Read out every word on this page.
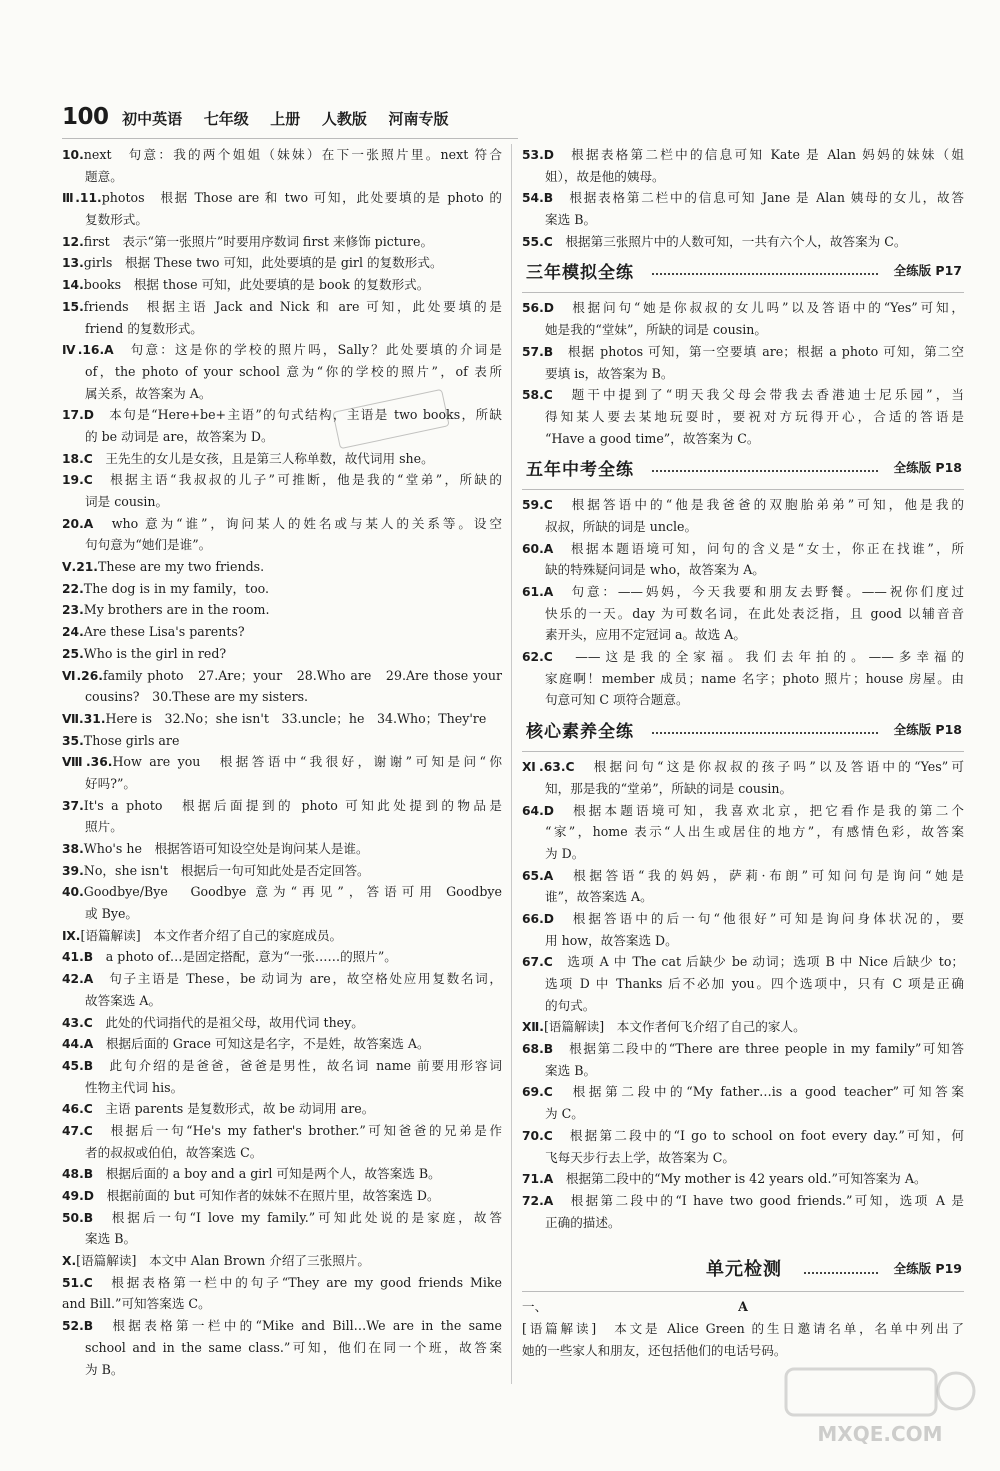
100 初中英语 七年级 上册 人教版 河南专版
10.next　句意：我的两个姐姐（妹妹）在下一张照片里。next 符合
题意。
Ⅲ.11.photos　根据 Those are 和 two 可知，此处要填的是 photo 的
复数形式。
12.first　表示“第一张照片”时要用序数词 first 来修饰 picture。
13.girls　根据 These two 可知，此处要填的是 girl 的复数形式。
14.books　根据 those 可知，此处要填的是 book 的复数形式。
15.friends　根据主语 Jack and Nick 和 are 可知，此处要填的是
friend 的复数形式。
Ⅳ.16.A　句意：这是你的学校的照片吗，Sally？此处要填的介词是
of，the photo of your school 意为“你的学校的照片”，of 表所
属关系，故答案为 A。
17.D　本句是“Here+be+主语”的句式结构，主语是 two books，所缺
的 be 动词是 are，故答案为 D。
18.C　王先生的女儿是女孩，且是第三人称单数，故代词用 she。
19.C　根据主语“我叔叔的儿子”可推断，他是我的“堂弟”，所缺的
词是 cousin。
20.A　who 意为“谁”，询问某人的姓名或与某人的关系等。设空
句句意为“她们是谁”。
Ⅴ.21.These are my two friends.
22.The dog is in my family，too.
23.My brothers are in the room.
24.Are these Lisa's parents?
25.Who is the girl in red?
Ⅵ.26.family photo　27.Are；your　28.Who are　29.Are those your
cousins?　30.These are my sisters.
Ⅶ.31.Here is　32.No；she isn't　33.uncle；he　34.Who；They're
35.Those girls are
Ⅷ.36.How are you　根据答语中“我很好，谢谢”可知是问“你
好吗?”。
37.It's a photo　根据后面提到的 photo 可知此处提到的物品是
照片。
38.Who's he　根据答语可知设空处是询问某人是谁。
39.No，she isn't　根据后一句可知此处是否定回答。
40.Goodbye/Bye　Goodbye 意为“再见”，答语可用 Goodbye
或 Bye。
Ⅸ.[语篇解读]　本文作者介绍了自己的家庭成员。
41.B　a photo of…是固定搭配，意为“一张……的照片”。
42.A　句子主语是 These，be 动词为 are，故空格处应用复数名词，
故答案选 A。
43.C　此处的代词指代的是祖父母，故用代词 they。
44.A　根据后面的 Grace 可知这是名字，不是姓，故答案选 A。
45.B　此句介绍的是爸爸，爸爸是男性，故名词 name 前要用形容词
性物主代词 his。
46.C　主语 parents 是复数形式，故 be 动词用 are。
47.C　根据后一句“He's my father's brother.”可知爸爸的兄弟是作
者的叔叔或伯伯，故答案选 C。
48.B　根据后面的 a boy and a girl 可知是两个人，故答案选 B。
49.D　根据前面的 but 可知作者的妹妹不在照片里，故答案选 D。
50.B　根据后一句“I love my family.”可知此处说的是家庭，故答
案选 B。
Ⅹ.[语篇解读]　本文中 Alan Brown 介绍了三张照片。
51.C　根据表格第一栏中的句子“They are my good friends Mike
and Bill.”可知答案选 C。
52.B　根据表格第一栏中的“Mike and Bill…We are in the same
school and in the same class.”可知，他们在同一个班，故答案
为 B。
53.D　根据表格第二栏中的信息可知 Kate 是 Alan 妈妈的妹妹（姐
姐），故是他的姨母。
54.B　根据表格第二栏中的信息可知 Jane 是 Alan 姨母的女儿，故答
案选 B。
55.C　根据第三张照片中的人数可知，一共有六个人，故答案为 C。
三年模拟全练	全练版 P17
56.D　根据问句“她是你叔叔的女儿吗”以及答语中的“Yes”可知，
她是我的“堂妹”，所缺的词是 cousin。
57.B　根据 photos 可知，第一空要填 are；根据 a photo 可知，第二空
要填 is，故答案为 B。
58.C　题干中提到了“明天我父母会带我去香港迪士尼乐园”，当
得知某人要去某地玩耍时，要祝对方玩得开心，合适的答语是
“Have a good time”，故答案为 C。
五年中考全练	全练版 P18
59.C　根据答语中的“他是我爸爸的双胞胎弟弟”可知，他是我的
叔叔，所缺的词是 uncle。
60.A　根据本题语境可知，问句的含义是“女士，你正在找谁”，所
缺的特殊疑问词是 who，故答案为 A。
61.A　句意：——妈妈，今天我要和朋友去野餐。——祝你们度过
快乐的一天。day 为可数名词，在此处表泛指，且 good 以辅音音
素开头，应用不定冠词 a。故选 A。
62.C　——这是我的全家福。我们去年拍的。——多幸福的
家庭啊！member 成员；name 名字；photo 照片；house 房屋。由
句意可知 C 项符合题意。
核心素养全练	全练版 P18
Ⅺ.63.C　根据问句“这是你叔叔的孩子吗”以及答语中的“Yes”可
知，那是我的“堂弟”，所缺的词是 cousin。
64.D　根据本题语境可知，我喜欢北京，把它看作是我的第二个
“家”，home 表示“人出生或居住的地方”，有感情色彩，故答案
为 D。
65.A　根据答语“我的妈妈，萨莉·布朗”可知问句是询问“她是
谁”，故答案选 A。
66.D　根据答语中的后一句“他很好”可知是询问身体状况的，要
用 how，故答案选 D。
67.C　选项 A 中 The cat 后缺少 be 动词；选项 B 中 Nice 后缺少 to；
选项 D 中 Thanks 后不必加 you。四个选项中，只有 C 项是正确
的句式。
Ⅻ.[语篇解读]　本文作者何飞介绍了自己的家人。
68.B　根据第二段中的“There are three people in my family”可知答
案选 B。
69.C　根据第二段中的“My father…is a good teacher”可知答案
为 C。
70.C　根据第二段中的“I go to school on foot every day.”可知，何
飞每天步行去上学，故答案为 C。
71.A　根据第二段中的“My mother is 42 years old.”可知答案为 A。
72.A　根据第二段中的“I have two good friends.”可知，选项 A 是
正确的描述。
单元检测	全练版 P19
一、	A
[语篇解读]　本文是 Alice Green 的生日邀请名单，名单中列出了
她的一些家人和朋友，还包括他们的电话号码。
MXQE.COM
